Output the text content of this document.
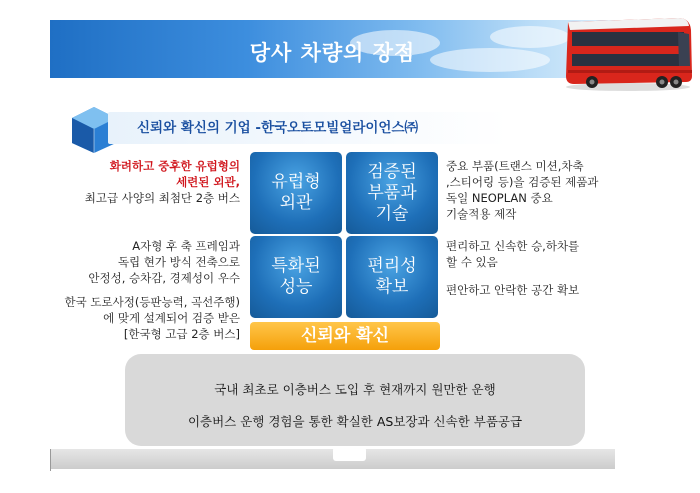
당사 차량의 장점
신뢰와 확신의 기업 -한국오토모빌얼라이언스㈜
화려하고 중후한 유럽형의
세련된 외관,
최고급 사양의 최첨단 2층 버스
A자형 후 축 프레임과
독립 현가 방식 전축으로
안정성, 승차감, 경제성이 우수
한국 도로사정(등판능력, 곡선주행)
에 맞게 설계되어 검증 받은
[한국형 고급 2층 버스]
유럽형
외관
검증된
부품과
기술
특화된
성능
편리성
확보
신뢰와 확신
중요 부품(트랜스 미션,차축
,스티어링 등)을 검증된 제품과
독일 NEOPLAN 중요
기술적용 제작
편리하고 신속한 승,하차를
할 수 있음
편안하고 안락한 공간 확보
국내 최초로 이층버스 도입 후 현재까지 원만한 운행
이층버스 운행 경험을 통한 확실한 AS보장과 신속한 부품공급
